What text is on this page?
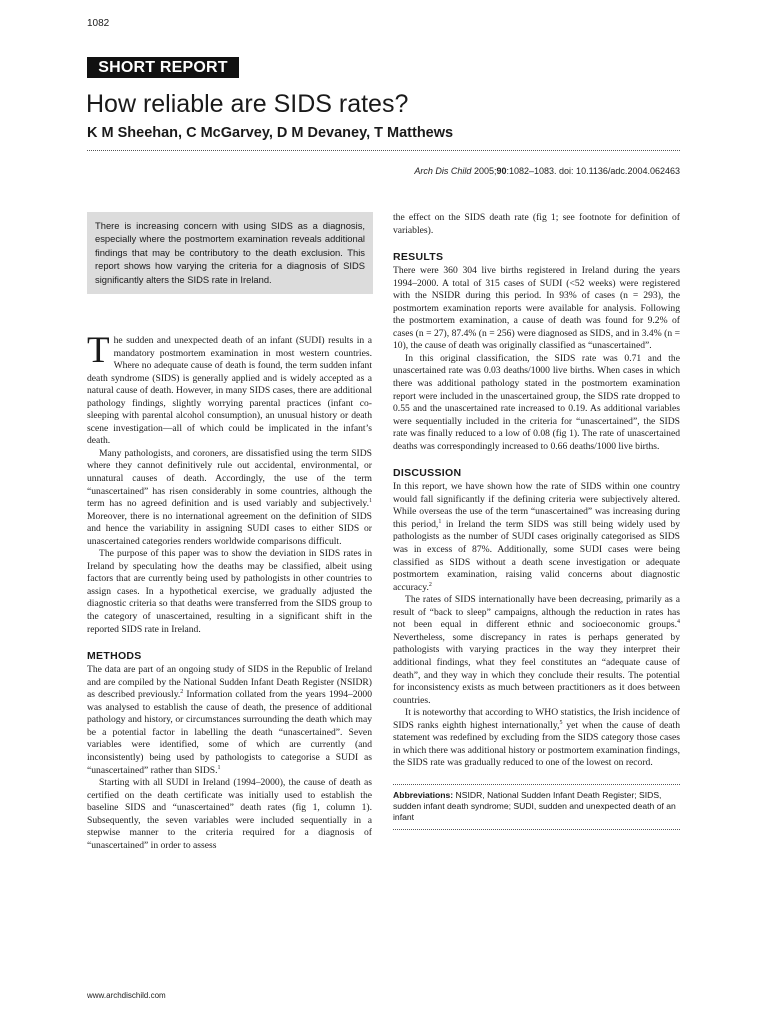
1082
SHORT REPORT
How reliable are SIDS rates?
K M Sheehan, C McGarvey, D M Devaney, T Matthews
Arch Dis Child 2005;90:1082–1083. doi: 10.1136/adc.2004.062463

There is increasing concern with using SIDS as a diagnosis, especially where the postmortem examination reveals additional findings that may be contributory to the death exclusion. This report shows how varying the criteria for a diagnosis of SIDS significantly alters the SIDS rate in Ireland.

The sudden and unexpected death of an infant (SUDI) results in a mandatory postmortem examination in most western countries. Where no adequate cause of death is found, the term sudden infant death syndrome (SIDS) is generally applied and is widely accepted as a natural cause of death. However, in many SIDS cases, there are additional pathology findings, slightly worrying parental practices (infant co-sleeping with parental alcohol consumption), an unusual history or death scene investigation—all of which could be implicated in the infant’s death.

Many pathologists, and coroners, are dissatisfied using the term SIDS where they cannot definitively rule out accidental, environmental, or unnatural causes of death. Accordingly, the use of the term “unascertained” has risen considerably in some countries, although the term has no agreed definition and is used variably and subjectively.$^1$ Moreover, there is no international agreement on the definition of SIDS and hence the variability in assigning SUDI cases to either SIDS or unascertained categories renders worldwide comparisons difficult.

The purpose of this paper was to show the deviation in SIDS rates in Ireland by speculating how the deaths may be classified, albeit using factors that are currently being used by pathologists in other countries to assign cases. In a hypothetical exercise, we gradually adjusted the diagnostic criteria so that deaths were transferred from the SIDS group to the category of unascertained, resulting in a significant shift in the reported SIDS rate in Ireland.

METHODS

The data are part of an ongoing study of SIDS in the Republic of Ireland and are compiled by the National Sudden Infant Death Register (NSIDR) as described previously.$^2$ Information collated from the years 1994–2000 was analysed to establish the cause of death, the presence of additional pathology and history, or circumstances surrounding the death which may be a potential factor in labelling the death “unascertained”. Seven variables were identified, some of which are currently (and inconsistently) being used by pathologists to categorise a SUDI as “unascertained” rather than SIDS.$^1$

Starting with all SUDI in Ireland (1994–2000), the cause of death as certified on the death certificate was initially used to establish the baseline SIDS and “unascertained” death rates (fig 1, column 1). Subsequently, the seven variables were included sequentially in a stepwise manner to the criteria required for a diagnosis of “unascertained” in order to assess

the effect on the SIDS death rate (fig 1; see footnote for definition of variables).

RESULTS

There were 360 304 live births registered in Ireland during the years 1994–2000. A total of 315 cases of SUDI (<52 weeks) were registered with the NSIDR during this period. In 93% of cases (n = 293), the postmortem examination reports were available for analysis. Following the postmortem examination, a cause of death was found for 9.2% of cases (n = 27), 87.4% (n = 256) were diagnosed as SIDS, and in 3.4% (n = 10), the cause of death was originally classified as “unascertained”.

In this original classification, the SIDS rate was 0.71 and the unascertained rate was 0.03 deaths/1000 live births. When cases in which there was additional pathology stated in the postmortem examination report were included in the unascertained group, the SIDS rate dropped to 0.55 and the unascertained rate increased to 0.19. As additional variables were sequentially included in the criteria for “unascertained”, the SIDS rate was finally reduced to a low of 0.08 (fig 1). The rate of unascertained deaths was correspondingly increased to 0.66 deaths/1000 live births.

DISCUSSION

In this report, we have shown how the rate of SIDS within one country would fall significantly if the defining criteria were subjectively altered. While overseas the use of the term “unascertained” was increasing during this period,$^1$ in Ireland the term SIDS was still being widely used by pathologists as the number of SUDI cases originally categorised as SIDS was in excess of 87%. Additionally, some SUDI cases were being classified as SIDS without a death scene investigation or adequate postmortem examination, raising valid concerns about diagnostic accuracy.$^2$

The rates of SIDS internationally have been decreasing, primarily as a result of “back to sleep” campaigns, although the reduction in rates has not been equal in different ethnic and socioeconomic groups.$^4$ Nevertheless, some discrepancy in rates is perhaps generated by pathologists with varying practices in the way they interpret their additional findings, what they feel constitutes an “adequate cause of death”, and they way in which they conclude their results. The potential for inconsistency exists as much between practitioners as it does between countries.

It is noteworthy that according to WHO statistics, the Irish incidence of SIDS ranks eighth highest internationally,$^5$ yet when the cause of death statement was redefined by excluding from the SIDS category those cases in which there was additional history or postmortem examination findings, the SIDS rate was gradually reduced to one of the lowest on record.

Abbreviations: NSIDR, National Sudden Infant Death Register; SIDS, sudden infant death syndrome; SUDI, sudden and unexpected death of an infant

www.archdischild.com
